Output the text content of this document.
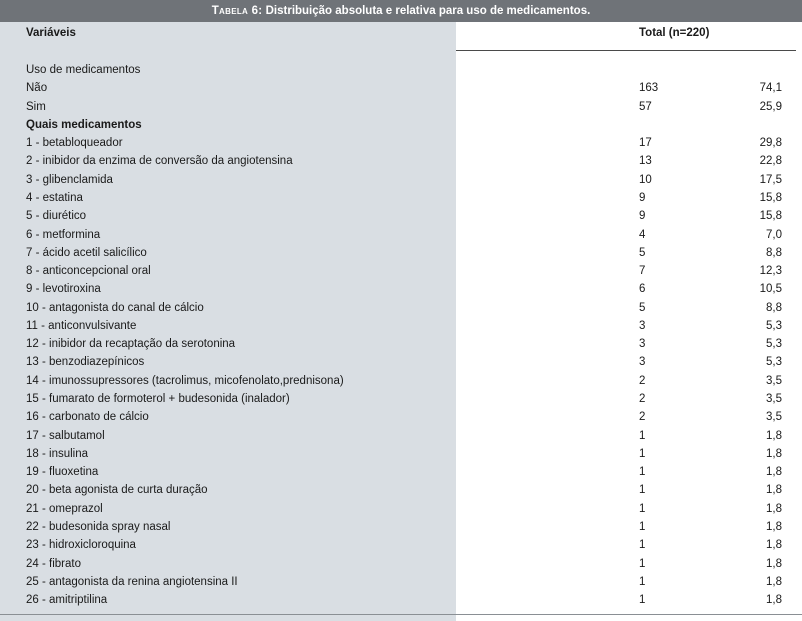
Tabela 6: Distribuição absoluta e relativa para uso de medicamentos.
Variáveis	Total (n=220)
Uso de medicamentos
Não	163	74,1
Sim	57	25,9
Quais medicamentos
1 - betabloqueador	17	29,8
2 - inibidor da enzima de conversão da angiotensina	13	22,8
3 - glibenclamida	10	17,5
4 - estatina	9	15,8
5 - diurético	9	15,8
6 - metformina	4	7,0
7 - ácido acetil salicílico	5	8,8
8 - anticoncepcional oral	7	12,3
9 - levotiroxina	6	10,5
10 - antagonista do canal de cálcio	5	8,8
11 - anticonvulsivante	3	5,3
12 - inibidor da recaptação da serotonina	3	5,3
13 - benzodiazepínicos	3	5,3
14 - imunossupressores (tacrolimus, micofenolato,prednisona)	2	3,5
15 - fumarato de formoterol + budesonida (inalador)	2	3,5
16 - carbonato de cálcio	2	3,5
17 - salbutamol	1	1,8
18 - insulina	1	1,8
19 - fluoxetina	1	1,8
20 - beta agonista de curta duração	1	1,8
21 - omeprazol	1	1,8
22 - budesonida spray nasal	1	1,8
23 - hidroxicloroquina	1	1,8
24 - fibrato	1	1,8
25 - antagonista da renina angiotensina II	1	1,8
26 - amitriptilina	1	1,8
